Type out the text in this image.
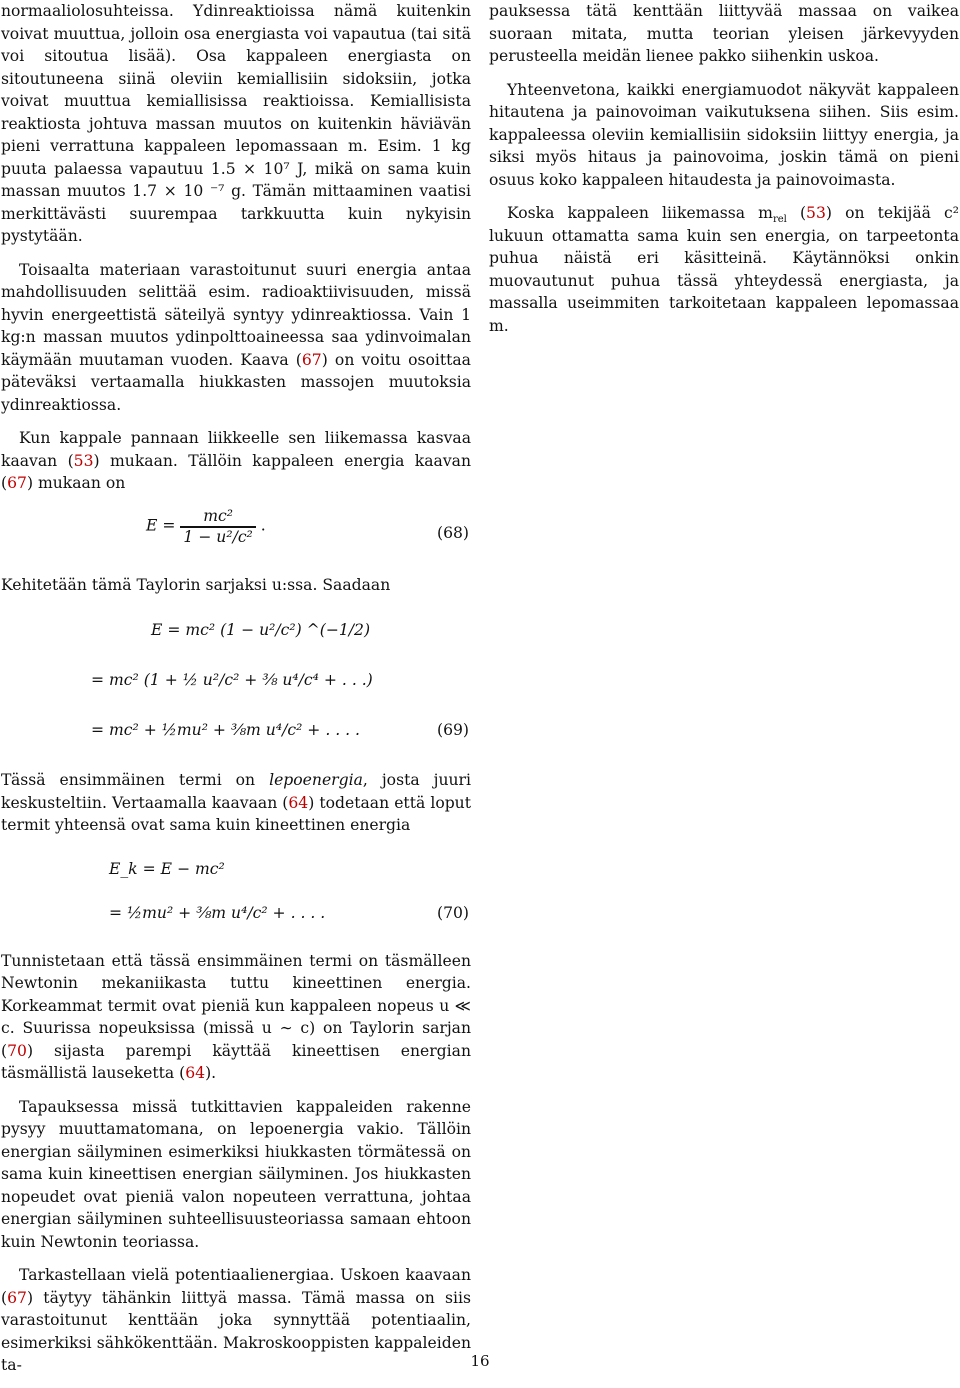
normaaliolosuhteissa. Ydinreaktioissa nämä kuitenkin voivat muuttua, jolloin osa energiasta voi vapautua (tai sitä voi sitoutua lisää). Osa kappaleen energiasta on sitoutuneena siinä oleviin kemiallisiin sidoksiin, jotka voivat muuttua kemiallisissa reaktioissa. Kemiallisista reaktiosta johtuva massan muutos on kuitenkin häviävän pieni verrattuna kappaleen lepomassaan m. Esim. 1 kg puuta palaessa vapautuu 1.5 × 10⁷ J, mikä on sama kuin massan muutos 1.7 × 10 ⁻⁷ g. Tämän mittaaminen vaatisi merkittävästi suurempaa tarkkuutta kuin nykyisin pystytään.

Toisaalta materiaan varastoitunut suuri energia antaa mahdollisuuden selittää esim. radioaktiivisuuden, missä hyvin energeettistä säteilyä syntyy ydinreaktiossa. Vain 1 kg:n massan muutos ydinpolttoaineessa saa ydinvoimalan käymään muutaman vuoden. Kaava (67) on voitu osoittaa päteväksi vertaamalla hiukkasten massojen muutoksia ydinreaktiossa.

Kun kappale pannaan liikkeelle sen liikemassa kasvaa kaavan (53) mukaan. Tällöin kappaleen energia kaavan (67) mukaan on

$E = \frac{\text{mc²}}{\text{1 − u²/c²}}$ .	(68)

Kehitetään tämä Taylorin sarjaksi u:ssa. Saadaan

E = mc² (1 − u²/c²) ^(−1/2)
= mc² (1 + ½ u²/c² + ⅜ u⁴/c⁴ + . . .)
= mc² + ½mu² + ⅜m u⁴/c² + . . . .	(69)

Tässä ensimmäinen termi on lepoenergia, josta juuri keskusteltiin. Vertaamalla kaavaan (64) todetaan että loput termit yhteensä ovat sama kuin kineettinen energia

E_k = E − mc²
= ½mu² + ⅜m u⁴/c² + . . . .	(70)

Tunnistetaan että tässä ensimmäinen termi on täsmälleen Newtonin mekaniikasta tuttu kineettinen energia. Korkeammat termit ovat pieniä kun kappaleen nopeus u ≪ c. Suurissa nopeuksissa (missä u ∼ c) on Taylorin sarjan (70) sijasta parempi käyttää kineettisen energian täsmällistä lauseketta (64).

Tapauksessa missä tutkittavien kappaleiden rakenne pysyy muuttamatomana, on lepoenergia vakio. Tällöin energian säilyminen esimerkiksi hiukkasten törmätessä on sama kuin kineettisen energian säilyminen. Jos hiukkasten nopeudet ovat pieniä valon nopeuteen verrattuna, johtaa energian säilyminen suhteellisuusteoriassa samaan ehtoon kuin Newtonin teoriassa.

Tarkastellaan vielä potentiaalienergiaa. Uskoen kaavaan (67) täytyy tähänkin liittyä massa. Tämä massa on siis varastoitunut kenttään joka synnyttää potentiaalin, esimerkiksi sähkökenttään. Makroskooppisten kappaleiden ta-

pauksessa tätä kenttään liittyvää massaa on vaikea suoraan mitata, mutta teorian yleisen järkevyyden perusteella meidän lienee pakko siihenkin uskoa.

Yhteenvetona, kaikki energiamuodot näkyvät kappaleen hitautena ja painovoiman vaikutuksena siihen. Siis esim. kappaleessa oleviin kemiallisiin sidoksiin liittyy energia, ja siksi myös hitaus ja painovoima, joskin tämä on pieni osuus koko kappaleen hitaudesta ja painovoimasta.

Koska kappaleen liikemassa $m_{rel}$ (53) on tekijää c² lukuun ottamatta sama kuin sen energia, on tarpeetonta puhua näistä eri käsitteinä. Käytännöksi onkin muovautunut puhua tässä yhteydessä energiasta, ja massalla useimmiten tarkoitetaan kappaleen lepomassaa m.

16
